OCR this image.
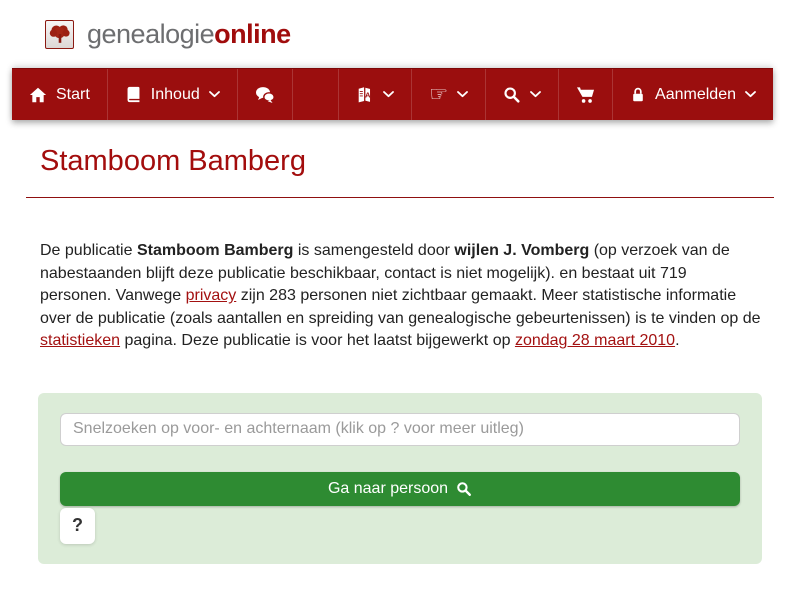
genealogieonline
Start	Inhoud	A	☞	Aanmelden
Stamboom Bamberg

De publicatie Stamboom Bamberg is samengesteld door wijlen J. Vomberg (op verzoek van de nabestaanden blijft deze publicatie beschikbaar, contact is niet mogelijk). en bestaat uit 719 personen. Vanwege privacy zijn 283 personen niet zichtbaar gemaakt. Meer statistische informatie over de publicatie (zoals aantallen en spreiding van genealogische gebeurtenissen) is te vinden op de statistieken pagina. Deze publicatie is voor het laatst bijgewerkt op zondag 28 maart 2010.

Snelzoeken op voor- en achternaam (klik op ? voor meer uitleg)
Ga naar persoon
?
